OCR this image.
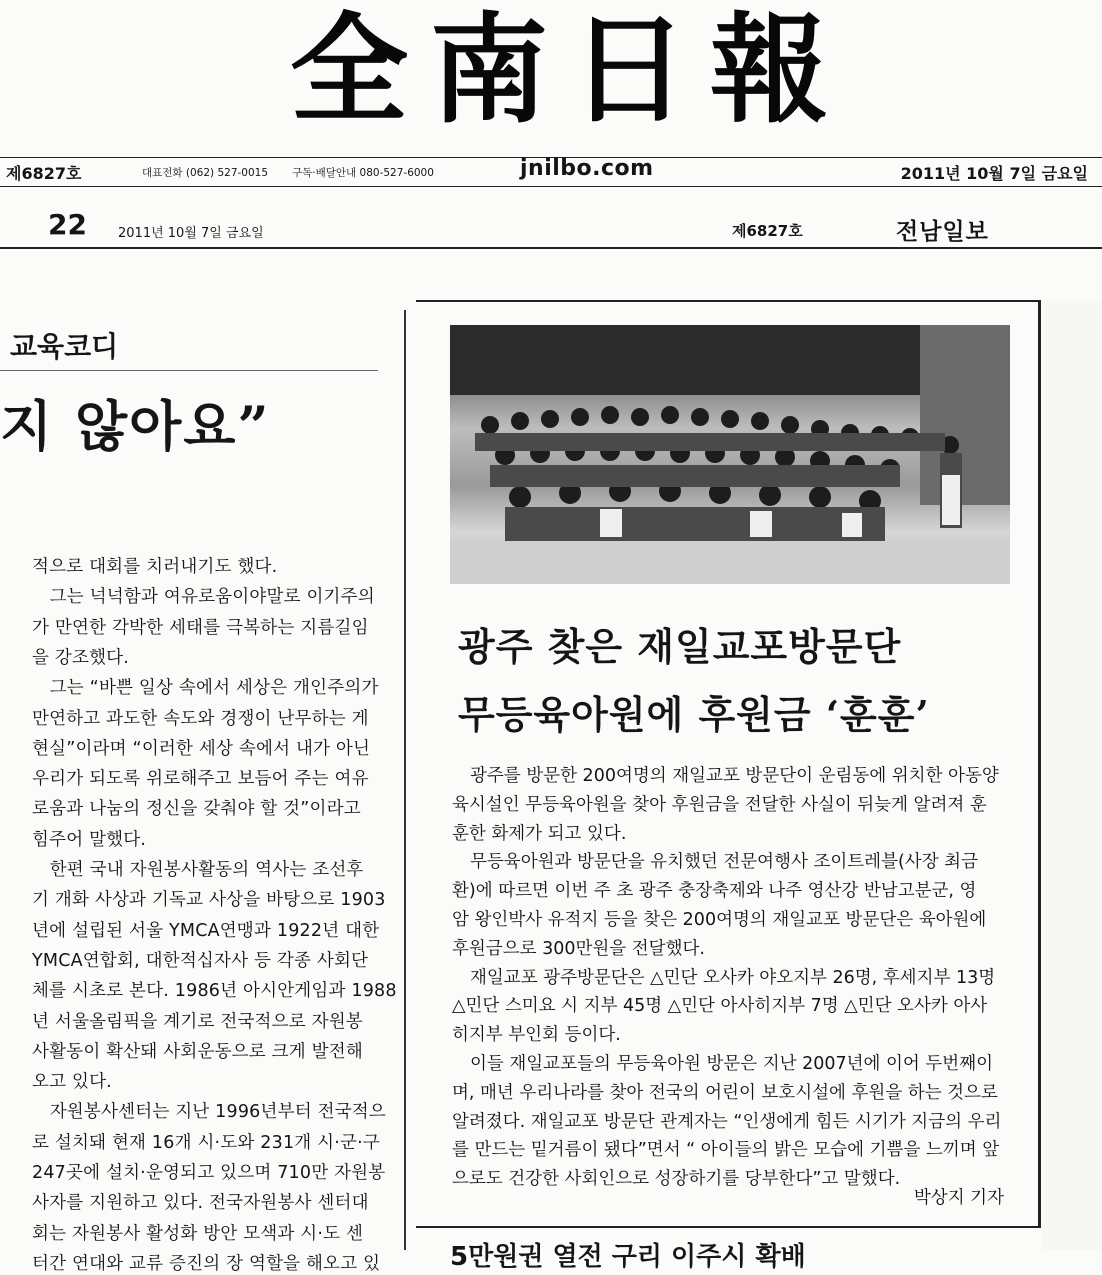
全南日報
제6827호	대표전화 (062) 527-0015 구독·배달안내 080-527-6000	jnilbo.com	2011년 10월 7일 금요일
22 2011년 10월 7일 금요일	제6827호	전남일보
교육코디
지 않아요”
적으로 대회를 치러내기도 했다.
　그는 넉넉함과 여유로움이야말로 이기주의
가 만연한 각박한 세태를 극복하는 지름길임
을 강조했다.
　그는 “바쁜 일상 속에서 세상은 개인주의가
만연하고 과도한 속도와 경쟁이 난무하는 게
현실”이라며 “이러한 세상 속에서 내가 아닌
우리가 되도록 위로해주고 보듬어 주는 여유
로움과 나눔의 정신을 갖춰야 할 것”이라고
힘주어 말했다.
　한편 국내 자원봉사활동의 역사는 조선후
기 개화 사상과 기독교 사상을 바탕으로 1903
년에 설립된 서울 YMCA연맹과 1922년 대한
YMCA연합회, 대한적십자사 등 각종 사회단
체를 시초로 본다. 1986년 아시안게임과 1988
년 서울올림픽을 계기로 전국적으로 자원봉
사활동이 확산돼 사회운동으로 크게 발전해
오고 있다.
　자원봉사센터는 지난 1996년부터 전국적으
로 설치돼 현재 16개 시·도와 231개 시·군·구
247곳에 설치·운영되고 있으며 710만 자원봉
사자를 지원하고 있다. 전국자원봉사 센터대
회는 자원봉사 활성화 방안 모색과 시·도 센
터간 연대와 교류 증진의 장 역할을 해오고 있
광주 찾은 재일교포방문단
무등육아원에 후원금 ‘훈훈’
광주를 방문한 200여명의 재일교포 방문단이 운림동에 위치한 아동양
육시설인 무등육아원을 찾아 후원금을 전달한 사실이 뒤늦게 알려져 훈
훈한 화제가 되고 있다.
무등육아원과 방문단을 유치했던 전문여행사 조이트레블(사장 최금
환)에 따르면 이번 주 초 광주 충장축제와 나주 영산강 반남고분군, 영
암 왕인박사 유적지 등을 찾은 200여명의 재일교포 방문단은 육아원에
후원금으로 300만원을 전달했다.
재일교포 광주방문단은 △민단 오사카 야오지부 26명, 후세지부 13명
△민단 스미요 시 지부 45명 △민단 아사히지부 7명 △민단 오사카 아사
히지부 부인회 등이다.
이들 재일교포들의 무등육아원 방문은 지난 2007년에 이어 두번째이
며, 매년 우리나라를 찾아 전국의 어린이 보호시설에 후원을 하는 것으로
알려졌다. 재일교포 방문단 관계자는 “인생에게 힘든 시기가 지금의 우리
를 만드는 밑거름이 됐다”면서 “ 아이들의 밝은 모습에 기쁨을 느끼며 앞
으로도 건강한 사회인으로 성장하기를 당부한다”고 말했다.
박상지 기자
5만원권 열전 구리 이주시 확배
